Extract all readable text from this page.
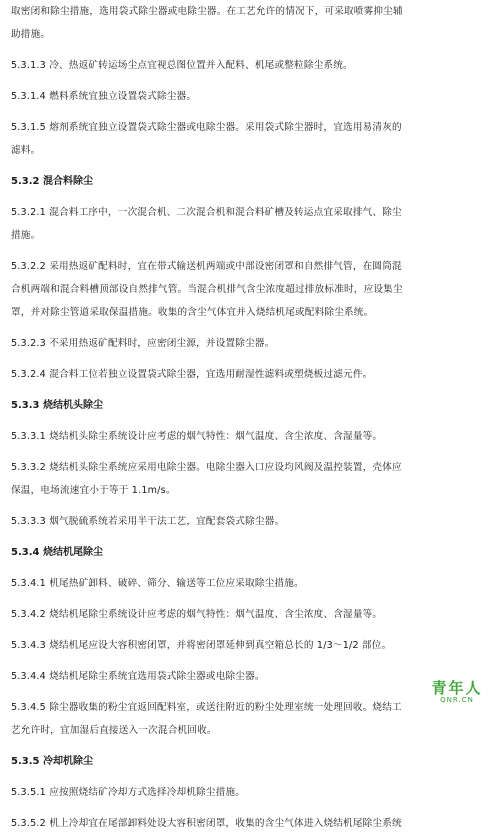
取密闭和除尘措施，选用袋式除尘器或电除尘器。在工艺允许的情况下，可采取喷雾抑尘辅

助措施。

5.3.1.3 冷、热返矿转运场尘点宜视总图位置并入配料、机尾或整粒除尘系统。

5.3.1.4 燃料系统宜独立设置袋式除尘器。

5.3.1.5 熔剂系统宜独立设置袋式除尘器或电除尘器。采用袋式除尘器时，宜选用易清灰的

滤料。

5.3.2 混合料除尘

5.3.2.1 混合料工序中，一次混合机、二次混合机和混合料矿槽及转运点宜采取排气、除尘

措施。

5.3.2.2 采用热返矿配料时，宜在带式输送机两端或中部设密闭罩和自然排气管，在圆筒混

合机两端和混合料槽顶部设自然排气管。当混合机排气含尘浓度超过排放标准时，应设集尘

罩，并对除尘管道采取保温措施。收集的含尘气体宜并入烧结机尾或配料除尘系统。

5.3.2.3 不采用热返矿配料时，应密闭尘源，并设置除尘器。

5.3.2.4 混合料工位若独立设置袋式除尘器，宜选用耐湿性滤料或塑烧板过滤元件。

5.3.3 烧结机头除尘

5.3.3.1 烧结机头除尘系统设计应考虑的烟气特性：烟气温度、含尘浓度、含湿量等。

5.3.3.2 烧结机头除尘系统应采用电除尘器。电除尘器入口应设均风阀及温控装置，壳体应

保温，电场流速宜小于等于 1.1m/s。

5.3.3.3 烟气脱硫系统若采用半干法工艺，宜配套袋式除尘器。

5.3.4 烧结机尾除尘

5.3.4.1 机尾热矿卸料、破碎、筛分、输送等工位应采取除尘措施。

5.3.4.2 烧结机尾除尘系统设计应考虑的烟气特性：烟气温度、含尘浓度、含湿量等。

5.3.4.3 烧结机尾应设大容积密闭罩，并将密闭罩延伸到真空箱总长的 1/3～1/2 部位。

5.3.4.4 烧结机尾除尘系统宜选用袋式除尘器或电除尘器。

5.3.4.5 除尘器收集的粉尘宜返回配料室，或送往附近的粉尘处理室统一处理回收。烧结工

艺允许时，宜加湿后直接送入一次混合机回收。

5.3.5 冷却机除尘

5.3.5.1 应按照烧结矿冷却方式选择冷却机除尘措施。

5.3.5.2 机上冷却宜在尾部卸料处设大容积密闭罩，收集的含尘气体进入烧结机尾除尘系统

青年人
QNR.CN
